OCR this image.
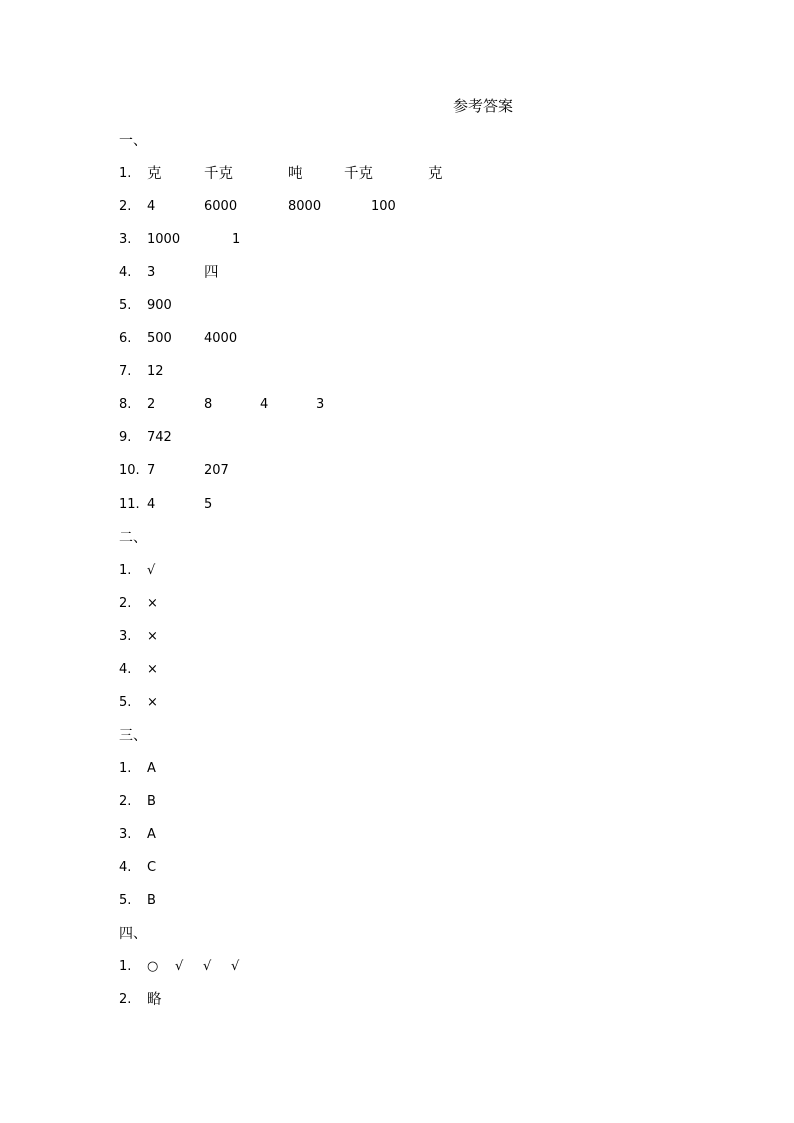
参考答案
一、
1. 克	千克	吨	千克	克
2. 4	6000	8000	100
3. 1000	1
4. 3	四
5. 900
6. 500 4000
7. 12
8. 2	8	4	3
9. 742
10. 7	207
11. 4	5
二、
1. √
2. ×
3. ×
4. ×
5. ×
三、
1. A
2. B
3. A
4. C
5. B
四、
1. ○ √ √ √
2. 略
